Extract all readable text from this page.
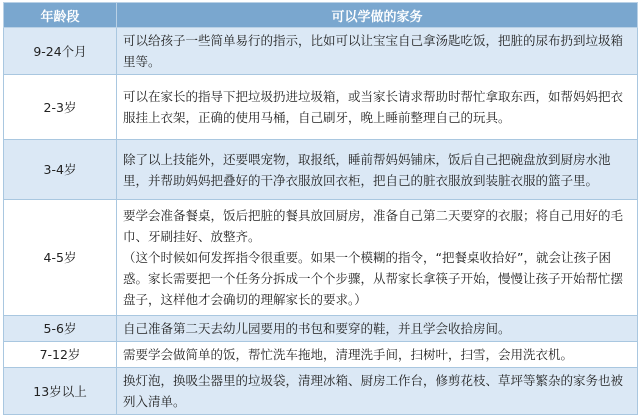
年龄段	可以学做的家务
9-24个月	可以给孩子一些简单易行的指示，比如可以让宝宝自己拿汤匙吃饭，把脏的尿布扔到垃圾箱里等。
2-3岁	可以在家长的指导下把垃圾扔进垃圾箱，或当家长请求帮助时帮忙拿取东西，如帮妈妈把衣服挂上衣架，正确的使用马桶，自己刷牙，晚上睡前整理自己的玩具。
3-4岁	除了以上技能外，还要喂宠物，取报纸，睡前帮妈妈铺床，饭后自己把碗盘放到厨房水池里，并帮助妈妈把叠好的干净衣服放回衣柜，把自己的脏衣服放到装脏衣服的篮子里。
4-5岁	要学会准备餐桌，饭后把脏的餐具放回厨房，准备自己第二天要穿的衣服；将自己用好的毛巾、牙刷挂好、放整齐。
（这个时候如何发挥指令很重要。如果一个模糊的指令，“把餐桌收拾好”，就会让孩子困惑。家长需要把一个任务分拆成一个个步骤，从帮家长拿筷子开始，慢慢让孩子开始帮忙摆盘子，这样他才会确切的理解家长的要求。）

5-6岁	自己准备第二天去幼儿园要用的书包和要穿的鞋，并且学会收拾房间。
7-12岁	需要学会做简单的饭，帮忙洗车拖地，清理洗手间，扫树叶，扫雪，会用洗衣机。
13岁以上	换灯泡，换吸尘器里的垃圾袋，清理冰箱、厨房工作台，修剪花枝、草坪等繁杂的家务也被列入清单。
